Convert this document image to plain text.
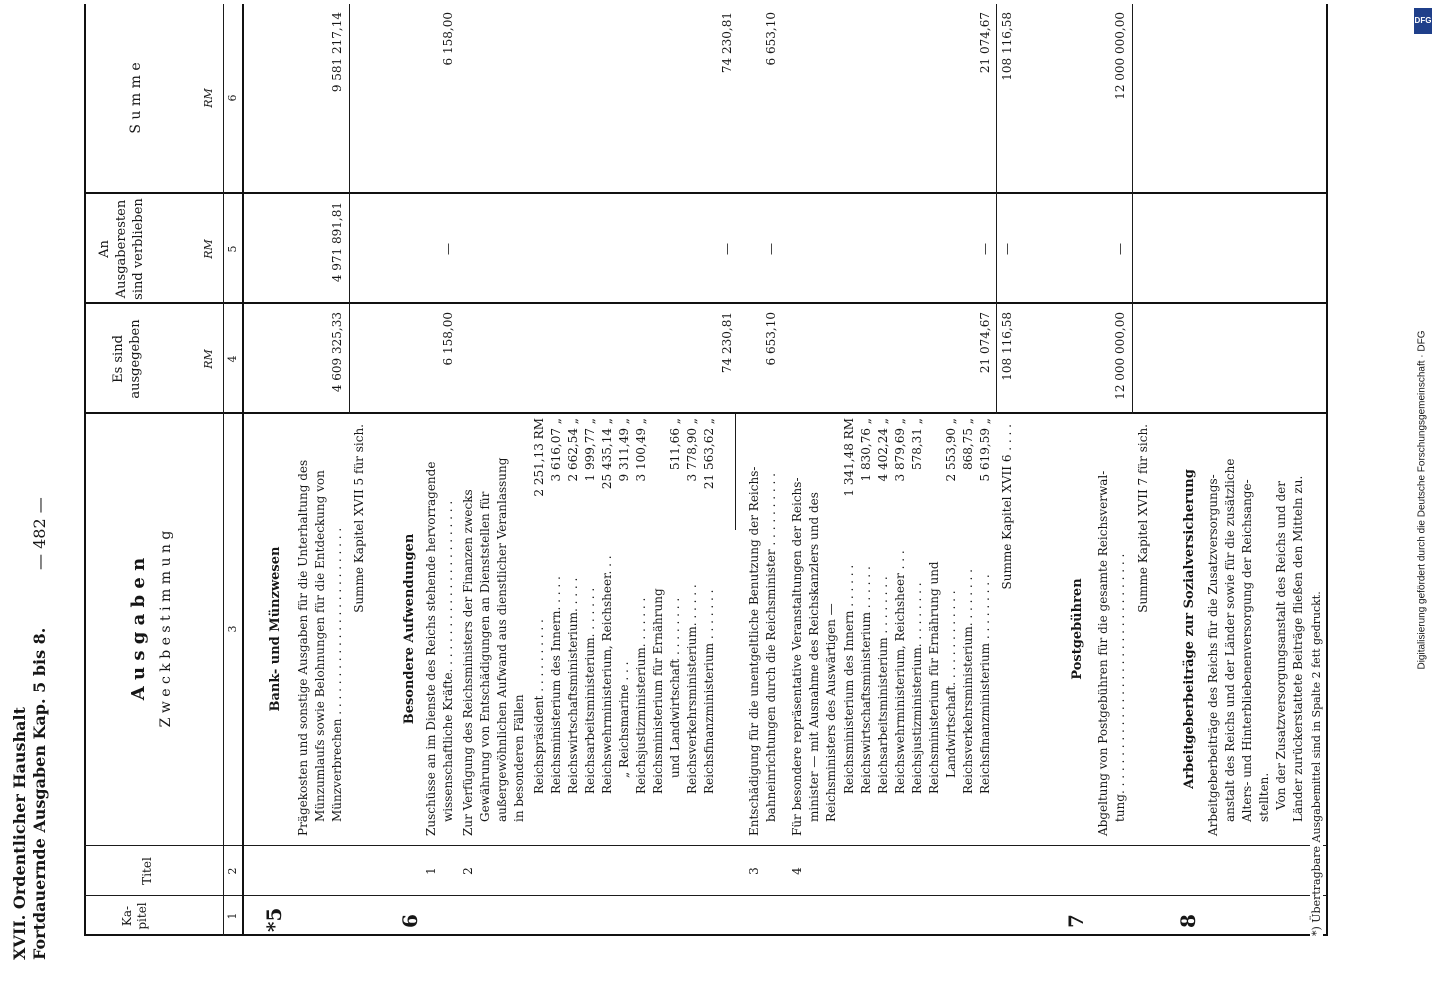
XVII. Ordentlicher Haushalt Fortdauernde Ausgaben Kap. 5 bis 8.
— 482 —
Ka-
pitel
Titel
A u s g a b e n Z w e c k b e s t i m m u n g
Es sind
ausgegeben
An
Ausgaberesten
sind verblieben
S u m m e
RM
RM
RM
1
2
3
4
5
6
*5
Bank- und Münzwesen Prägekosten und sonstige Ausgaben für die Unterhaltung des Münzumlaufs sowie Belohnungen für die Entdeckung von Münzverbrechen . . . . . . . . . . . . . . . . . . . . . . . . .
4 609 325,33
4 971 891,81
9 581 217,14
Summe Kapitel XVII 5 für sich.
6
Besondere Aufwendungen
1
Zuschüsse an im Dienste des Reichs stehende hervorragende wissenschaftliche Kräfte. . . . . . . . . . . . . . . . . . . . . . .
6 158,00
—
6 158,00
2
Zur Verfügung des Reichsministers der Finanzen zwecks Gewährung von Entschädigungen an Dienststellen für außergewöhnlichen Aufwand aus dienstlicher Veranlassung in besonderen Fällen Reichspräsident . . . . . . . . . .
2 251,13 RM
Reichsministerium des Innern. . . . .
3 616,07 „
Reichswirtschaftsministerium. . . . .
2 662,54 „
Reichsarbeitsministerium. . . . . . .
1 999,77 „
Reichswehrministerium, Reichsheer. . .
25 435,14 „
„ Reichsmarine . . .
9 311,49 „
Reichsjustizministerium. . . . . . .
3 100,49 „
Reichsministerium für Ernährung und Landwirtschaft . . . . . . . .
511,66 „
Reichsverkehrsministerium. . . . . .
3 778,90 „
Reichsfinanzministerium . . . . . . .
21 563,62 „
74 230,81
—
74 230,81
3
Entschädigung für die unentgeltliche Benutzung der Reichs- bahneinrichtungen durch die Reichsminister . . . . . . . . . .
6 653,10
—
6 653,10
4
Für besondere repräsentative Veranstaltungen der Reichs- minister — mit Ausnahme des Reichskanzlers und des Reichsministers des Auswärtigen — Reichsministerium des Innern . . . . . .
1 341,48 RM
Reichswirtschaftsministerium . . . . . .
1 830,76 „
Reichsarbeitsministerium . . . . . . . .
4 402,24 „
Reichswehrministerium, Reichsheer . . .
3 879,69 „
Reichsjustizministerium. . . . . . . . .
578,31 „
Reichsministerium für Ernährung und Landwirtschaft. . . . . . . . . . . . .
2 553,90 „
Reichsverkehrsministerium. . . . . . . .
868,75 „
Reichsfinanzministerium . . . . . . . . .
5 619,59 „
21 074,67
—
21 074,67
Summe Kapitel XVII 6 . . . .
108 116,58
—
108 116,58
7
Postgebühren Abgeltung von Postgebühren für die gesamte Reichsverwal- tung. . . . . . . . . . . . . . . . . . . . . . . . . . . . . . . .
12 000 000,00
—
12 000 000,00
Summe Kapitel XVII 7 für sich.
8
Arbeitgeberbeiträge zur Sozialversicherung Arbeitgeberbeiträge des Reichs für die Zusatzversorgungs- anstalt des Reichs und der Länder sowie für die zusätzliche Alters- und Hinterbliebenenversorgung der Reichsange- stellten. Von der Zusatzversorgungsanstalt des Reichs und der Länder zurückerstattete Beiträge fließen den Mitteln zu. *) Übertragbare Ausgabemittel sind in Spalte 2 fett gedruckt.
DFG
Digitalisierung gefördert durch die Deutsche Forschungsgemeinschaft · DFG
